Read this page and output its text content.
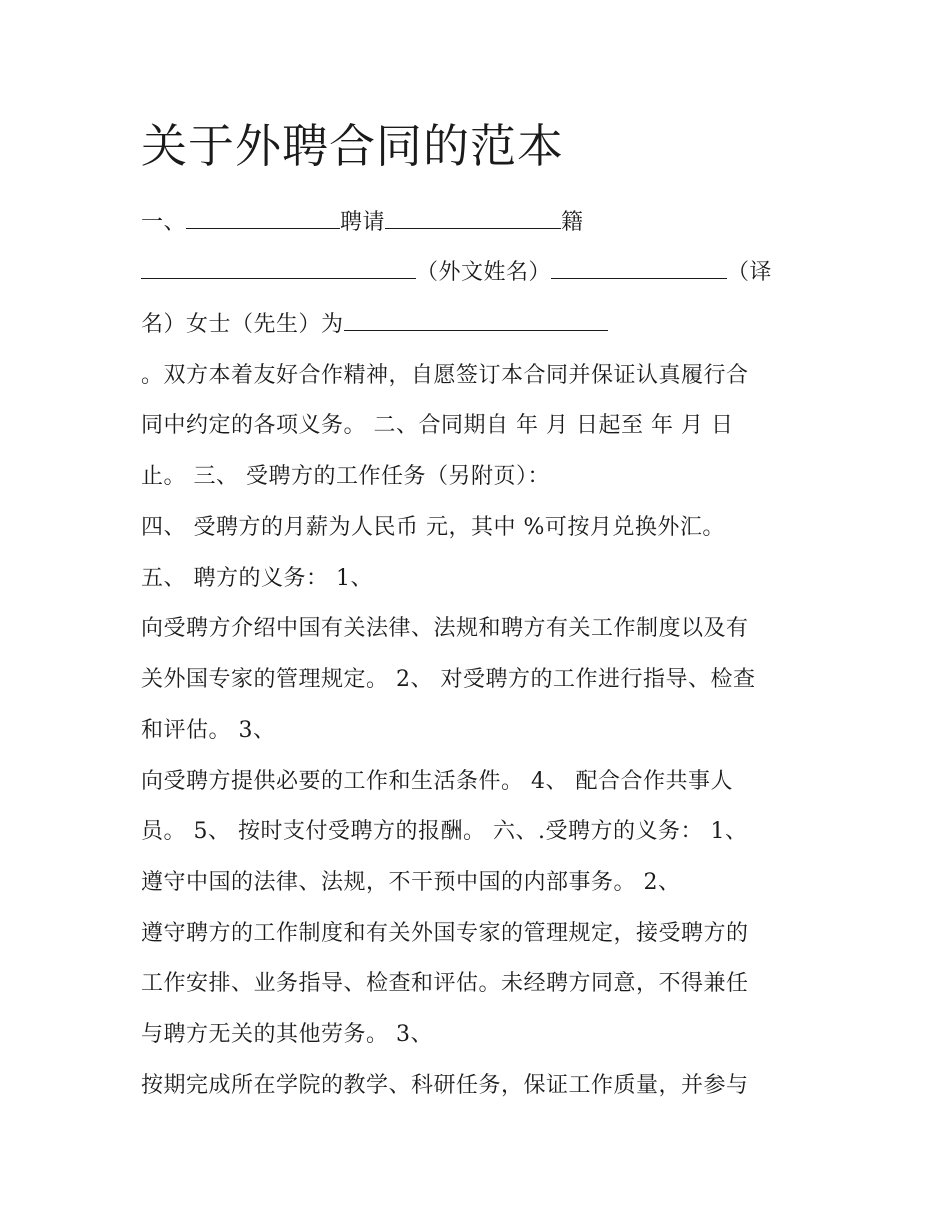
关于外聘合同的范本
一、	聘请	籍
（外文姓名）	（译
名）女士（先生）为
。双方本着友好合作精神，自愿签订本合同并保证认真履行合
同中约定的各项义务。 二、合同期自 年 月 日起至 年 月 日
止。 三、 受聘方的工作任务（另附页）：
四、 受聘方的月薪为人民币 元，其中 %可按月兑换外汇。
五、 聘方的义务： 1、
向受聘方介绍中国有关法律、法规和聘方有关工作制度以及有
关外国专家的管理规定。 2、 对受聘方的工作进行指导、检查
和评估。 3、
向受聘方提供必要的工作和生活条件。 4、 配合合作共事人
员。 5、 按时支付受聘方的报酬。 六、.受聘方的义务： 1、
遵守中国的法律、法规，不干预中国的内部事务。 2、
遵守聘方的工作制度和有关外国专家的管理规定，接受聘方的
工作安排、业务指导、检查和评估。未经聘方同意，不得兼任
与聘方无关的其他劳务。 3、
按期完成所在学院的教学、科研任务，保证工作质量，并参与
